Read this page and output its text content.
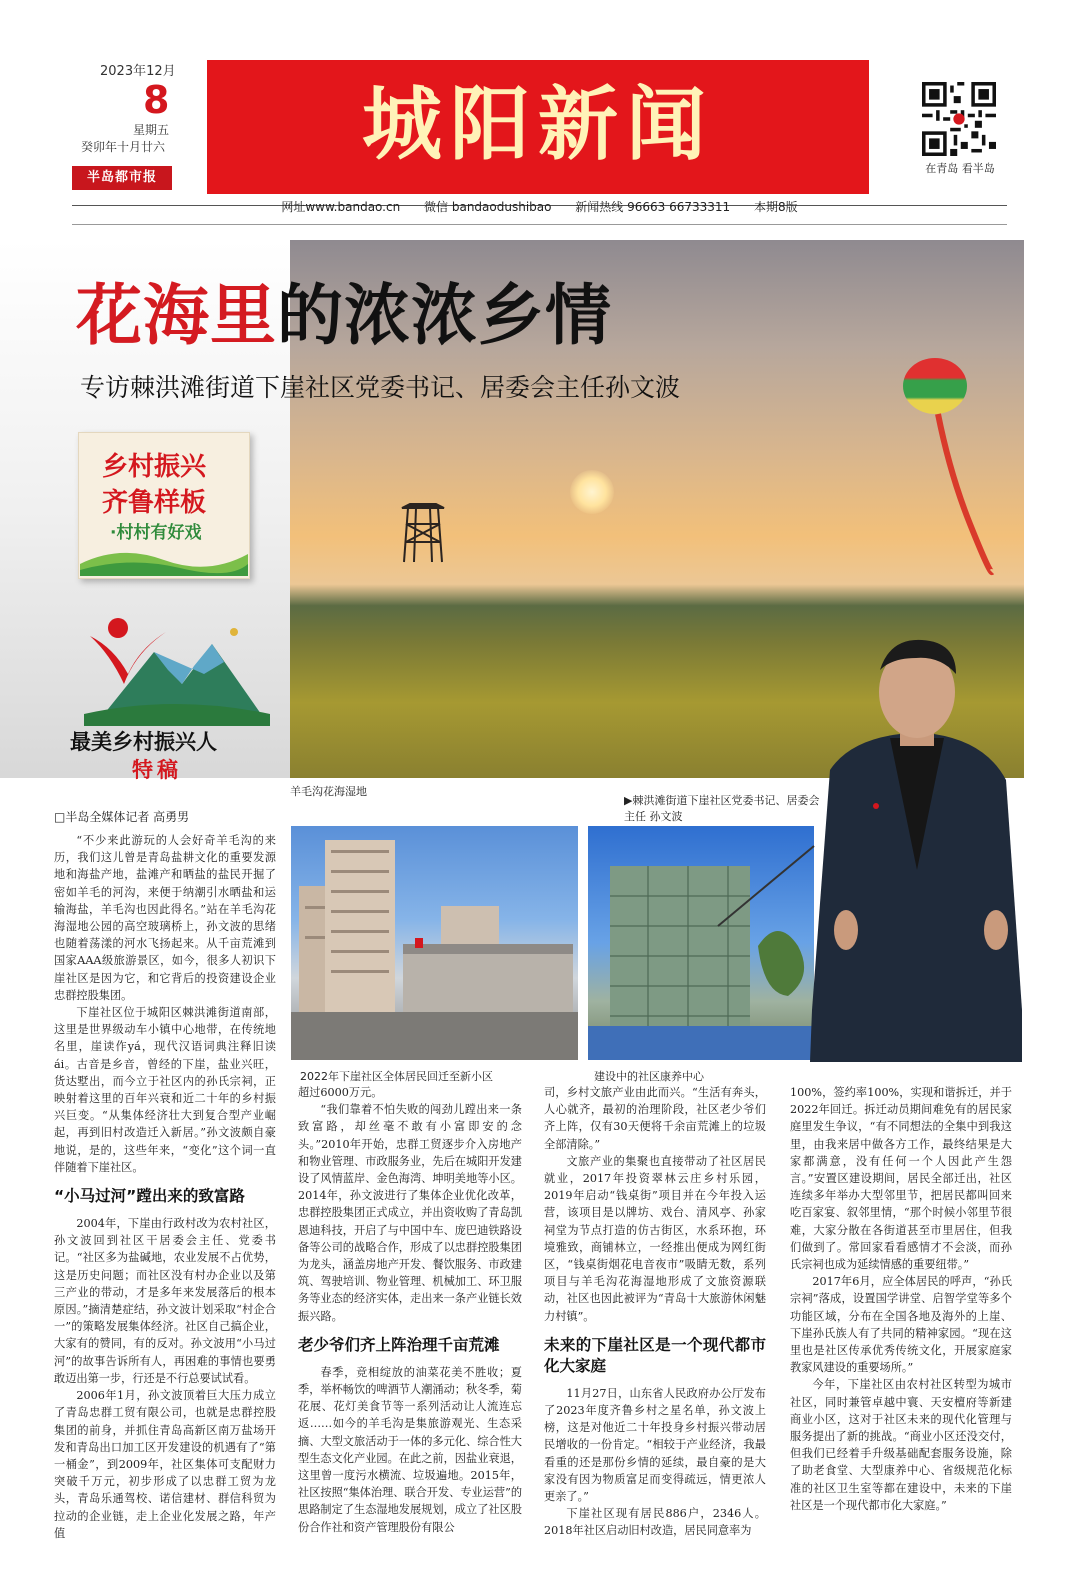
2023年12月
8
星期五
癸卯年十月廿六
半岛都市报
城阳新闻	在青岛 看半岛
网址www.bandao.cn 微信 bandaodushibao 新闻热线 96663 66733311 本期8版
花海里的浓浓乡情
专访棘洪滩街道下崖社区党委书记、居委会主任孙文波
乡村振兴
齐鲁样板
·村村有好戏
最美乡村振兴人
特稿
羊毛沟花海湿地
▶棘洪滩街道下崖社区党委书记、居委会主任 孙文波
2022年下崖社区全体居民回迁至新小区	建设中的社区康养中心
□半岛全媒体记者 高勇男

“不少来此游玩的人会好奇羊毛沟的来历，我们这儿曾是青岛盐耕文化的重要发源地和海盐产地，盐滩产和晒盐的盐民开掘了密如羊毛的河沟，来便于纳潮引水晒盐和运输海盐，羊毛沟也因此得名。”站在羊毛沟花海湿地公园的高空玻璃桥上，孙文波的思绪也随着荡漾的河水飞扬起来。从千亩荒滩到国家AAA级旅游景区，如今，很多人初识下崖社区是因为它，和它背后的投资建设企业忠群控股集团。

下崖社区位于城阳区棘洪滩街道南部，这里是世界级动车小镇中心地带，在传统地名里，崖读作yá，现代汉语词典注释旧读ái。古音是乡音，曾经的下崖，盐业兴旺，货达墅出，而今立于社区内的孙氏宗祠，正映射着这里的百年兴衰和近二十年的乡村振兴巨变。“从集体经济壮大到复合型产业崛起，再到旧村改造迁入新居。”孙文波颇自豪地说，是的，这些年来，“变化”这个词一直伴随着下崖社区。

“小马过河”蹚出来的致富路

2004年，下崖由行政村改为农村社区，孙文波回到社区干居委会主任、党委书记。“社区多为盐碱地，农业发展不占优势，这是历史问题；而社区没有村办企业以及第三产业的带动，才是多年来发展落后的根本原因。”摘清楚症结，孙文波计划采取“村企合一”的策略发展集体经济。社区自己搞企业，大家有的赞同，有的反对。孙文波用“小马过河”的故事告诉所有人，再困难的事情也要勇敢迈出第一步，行还是不行总要试试看。

2006年1月，孙文波顶着巨大压力成立了青岛忠群工贸有限公司，也就是忠群控股集团的前身，并抓住青岛高新区南万盐场开发和青岛出口加工区开发建设的机遇有了“第一桶金”，到2009年，社区集体可支配财力突破千万元，初步形成了以忠群工贸为龙头，青岛乐通驾校、诺信建材、群信科贸为拉动的企业链，走上企业化发展之路，年产值

超过6000万元。

“我们靠着不怕失败的闯劲儿蹚出来一条致富路，却丝毫不敢有小富即安的念头。”2010年开始，忠群工贸逐步介入房地产和物业管理、市政服务业，先后在城阳开发建设了风情蓝岸、金色海湾、坤明美地等小区。2014年，孙文波进行了集体企业优化改革，忠群控股集团正式成立，并出资收购了青岛凯恩迪科技，开启了与中国中车、庞巴迪铁路设备等公司的战略合作，形成了以忠群控股集团为龙头，涵盖房地产开发、餐饮服务、市政建筑、驾驶培训、物业管理、机械加工、环卫服务等业态的经济实体，走出来一条产业链长效振兴路。

老少爷们齐上阵治理千亩荒滩

春季，竞相绽放的油菜花美不胜收；夏季，举杯畅饮的啤酒节人潮涌动；秋冬季，菊花展、花灯美食节等一系列活动让人流连忘返……如今的羊毛沟是集旅游观光、生态采摘、大型文旅活动于一体的多元化、综合性大型生态文化产业园。在此之前，因盐业衰退，这里曾一度污水横流、垃圾遍地。2015年，社区按照“集体治理、联合开发、专业运营”的思路制定了生态湿地发展规划，成立了社区股份合作社和资产管理股份有限公

司，乡村文旅产业由此而兴。“生活有奔头，人心就齐，最初的治理阶段，社区老少爷们齐上阵，仅有30天便将千余亩荒滩上的垃圾全部清除。”

文旅产业的集聚也直接带动了社区居民就业，2017年投资翠林云庄乡村乐园，2019年启动“钱桌街”项目并在今年投入运营，该项目是以牌坊、戏台、清风亭、孙家祠堂为节点打造的仿古街区，水系环抱，环境雅致，商铺林立，一经推出便成为网红街区，“钱桌街烟花电音夜市”吸睛无数，系列项目与羊毛沟花海湿地形成了文旅资源联动，社区也因此被评为“青岛十大旅游休闲魅力村镇”。

未来的下崖社区是一个现代都市化大家庭

11月27日，山东省人民政府办公厅发布了2023年度齐鲁乡村之星名单，孙文波上榜，这是对他近二十年投身乡村振兴带动居民增收的一份肯定。“相较于产业经济，我最看重的还是那份乡情的延续，最自豪的是大家没有因为物质富足而变得疏远，情更浓人更亲了。”

下崖社区现有居民886户，2346人。2018年社区启动旧村改造，居民同意率为

100%，签约率100%，实现和谐拆迁，并于2022年回迁。拆迁动员期间难免有的居民家庭里发生争议，“有不同想法的全集中到我这里，由我来居中做各方工作，最终结果是大家都满意，没有任何一个人因此产生怨言。”安置区建设期间，居民全部迁出，社区连续多年举办大型邻里节，把居民都叫回来吃百家宴、叙邻里情，“那个时候小邻里节很难，大家分散在各街道甚至市里居住，但我们做到了。常回家看看感情才不会淡，而孙氏宗祠也成为延续情感的重要纽带。”

2017年6月，应全体居民的呼声，“孙氏宗祠”落成，设置国学讲堂、启智学堂等多个功能区域，分布在全国各地及海外的上崖、下崖孙氏族人有了共同的精神家园。“现在这里也是社区传承优秀传统文化，开展家庭家教家风建设的重要场所。”

今年，下崖社区由农村社区转型为城市社区，同时兼管卓越中寰、天安檀府等新建商业小区，这对于社区未来的现代化管理与服务提出了新的挑战。“商业小区还没交付，但我们已经着手升级基础配套服务设施，除了助老食堂、大型康养中心、省级规范化标准的社区卫生室等都在建设中，未来的下崖社区是一个现代都市化大家庭。”
